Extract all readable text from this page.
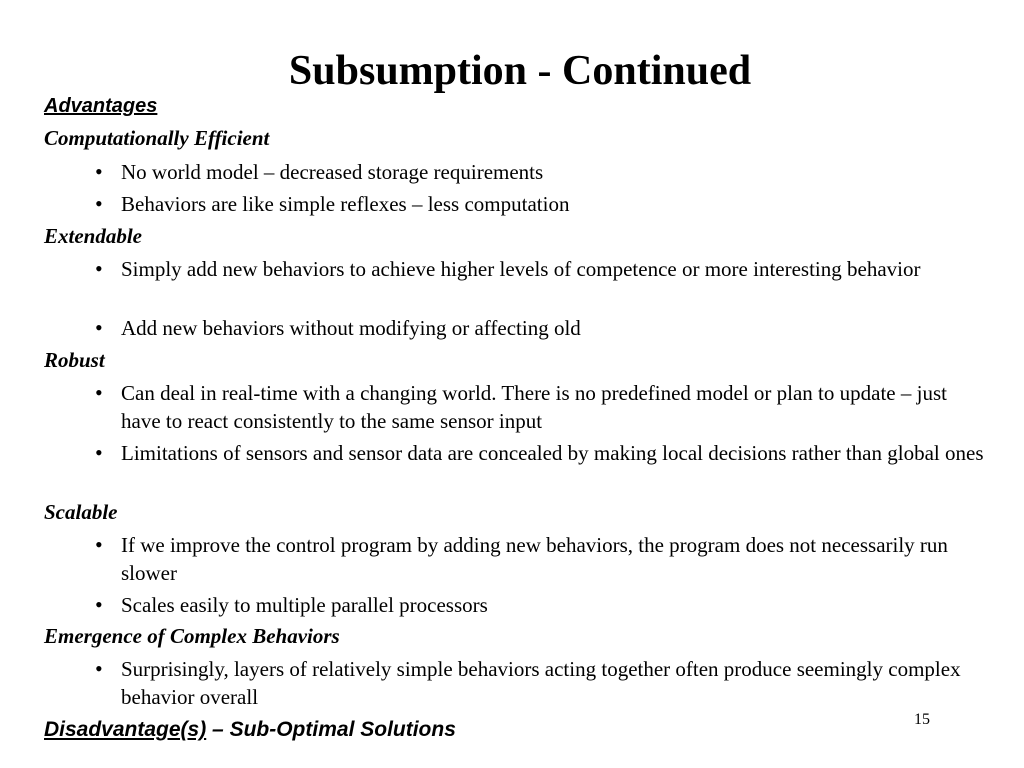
Subsumption - Continued
Advantages
Computationally Efficient
• No world model – decreased storage requirements
• Behaviors are like simple reflexes – less computation
Extendable
• Simply add new behaviors to achieve higher levels of competence or more interesting behavior
• Add new behaviors without modifying or affecting old
Robust
• Can deal in real-time with a changing world. There is no predefined model or plan to update – just have to react consistently to the same sensor input
• Limitations of sensors and sensor data are concealed by making local decisions rather than global ones
Scalable
• If we improve the control program by adding new behaviors, the program does not necessarily run slower
• Scales easily to multiple parallel processors
Emergence of Complex Behaviors
• Surprisingly, layers of relatively simple behaviors acting together often produce seemingly complex behavior overall
Disadvantage(s) – Sub-Optimal Solutions	15
